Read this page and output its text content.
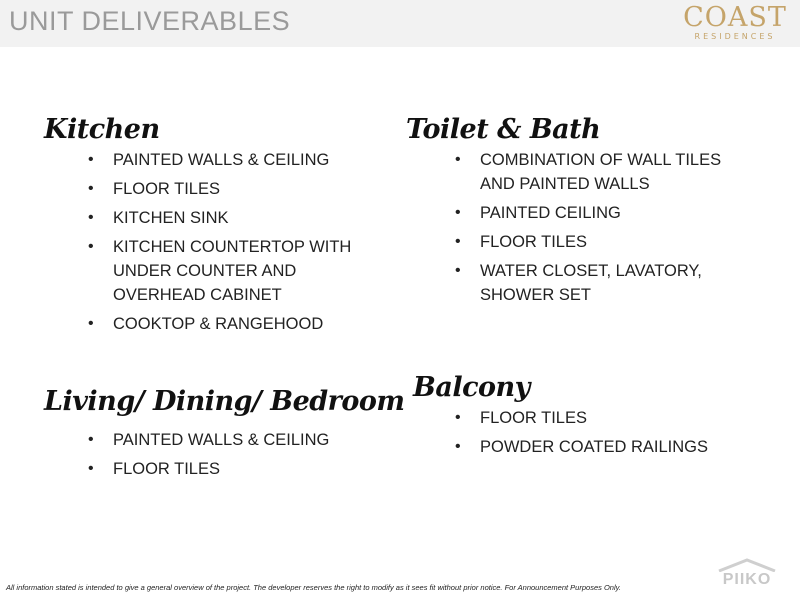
UNIT DELIVERABLES	COAST
RESIDENCES
Kitchen
• PAINTED WALLS & CEILING
• FLOOR TILES
• KITCHEN SINK
• KITCHEN COUNTERTOP WITH UNDER COUNTER AND OVERHEAD CABINET
• COOKTOP & RANGEHOOD
Toilet & Bath
• COMBINATION OF WALL TILES AND PAINTED WALLS
• PAINTED CEILING
• FLOOR TILES
• WATER CLOSET, LAVATORY, SHOWER SET
Living/ Dining/ Bedroom
• PAINTED WALLS & CEILING
• FLOOR TILES
Balcony
• FLOOR TILES
• POWDER COATED RAILINGS
All information stated is intended to give a general overview of the project. The developer reserves the right to modify as it sees fit without prior notice. For Announcement Purposes Only.	PIIKO
